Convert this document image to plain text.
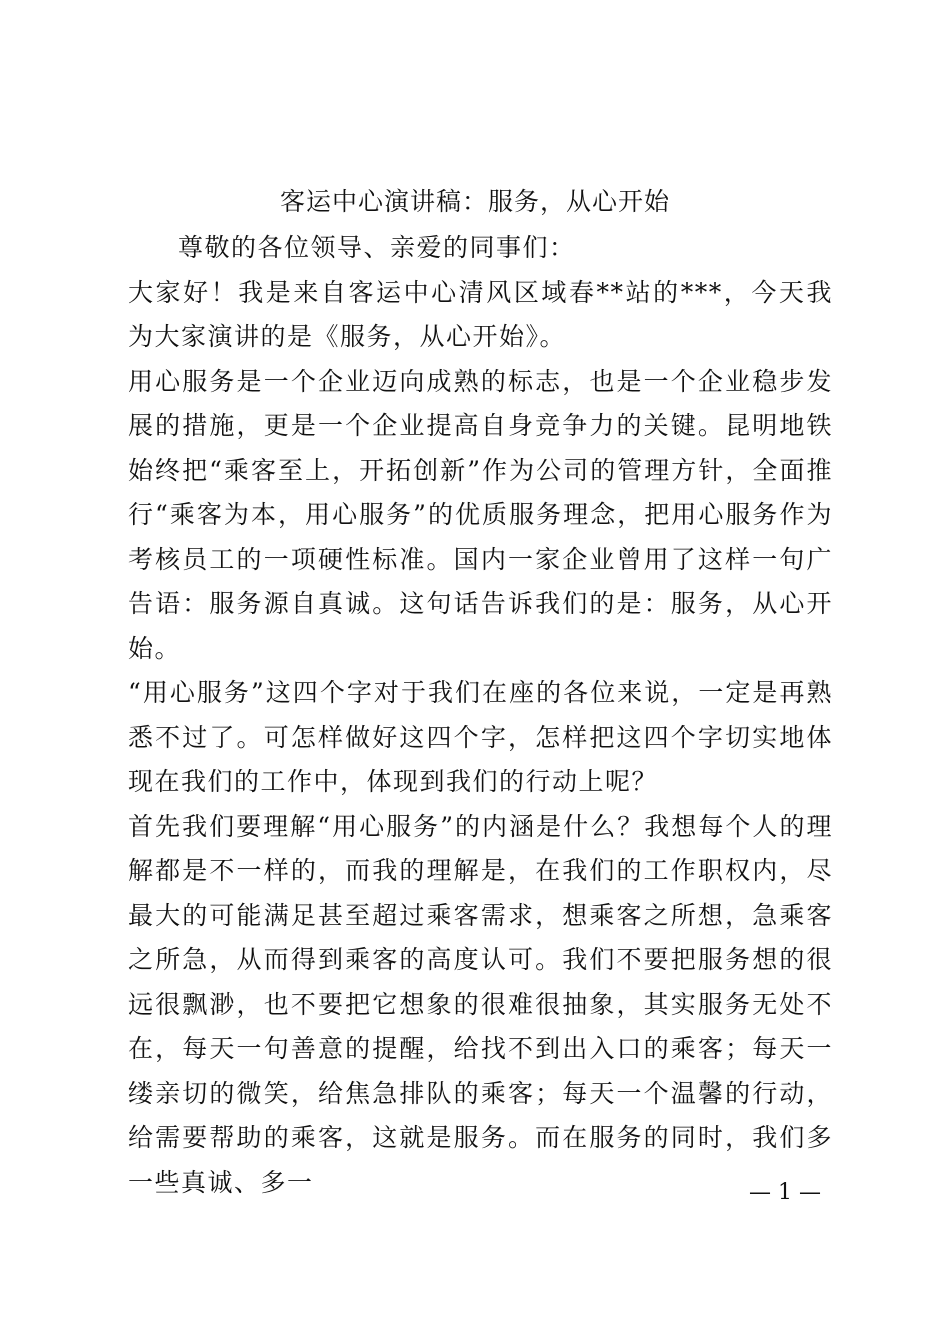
客运中心演讲稿：服务，从心开始

尊敬的各位领导、亲爱的同事们：

大家好！我是来自客运中心清风区域春**站的***，今天我为大家演讲的是《服务，从心开始》。

用心服务是一个企业迈向成熟的标志，也是一个企业稳步发展的措施，更是一个企业提高自身竞争力的关键。昆明地铁始终把“乘客至上，开拓创新”作为公司的管理方针，全面推行“乘客为本，用心服务”的优质服务理念，把用心服务作为考核员工的一项硬性标准。国内一家企业曾用了这样一句广告语：服务源自真诚。这句话告诉我们的是：服务，从心开始。

“用心服务”这四个字对于我们在座的各位来说，一定是再熟悉不过了。可怎样做好这四个字，怎样把这四个字切实地体现在我们的工作中，体现到我们的行动上呢？

首先我们要理解“用心服务”的内涵是什么？我想每个人的理解都是不一样的，而我的理解是，在我们的工作职权内，尽最大的可能满足甚至超过乘客需求，想乘客之所想，急乘客之所急，从而得到乘客的高度认可。我们不要把服务想的很远很飘渺，也不要把它想象的很难很抽象，其实服务无处不在，每天一句善意的提醒，给找不到出入口的乘客；每天一缕亲切的微笑，给焦急排队的乘客；每天一个温馨的行动，给需要帮助的乘客，这就是服务。而在服务的同时，我们多一些真诚、多一	— 1 —
